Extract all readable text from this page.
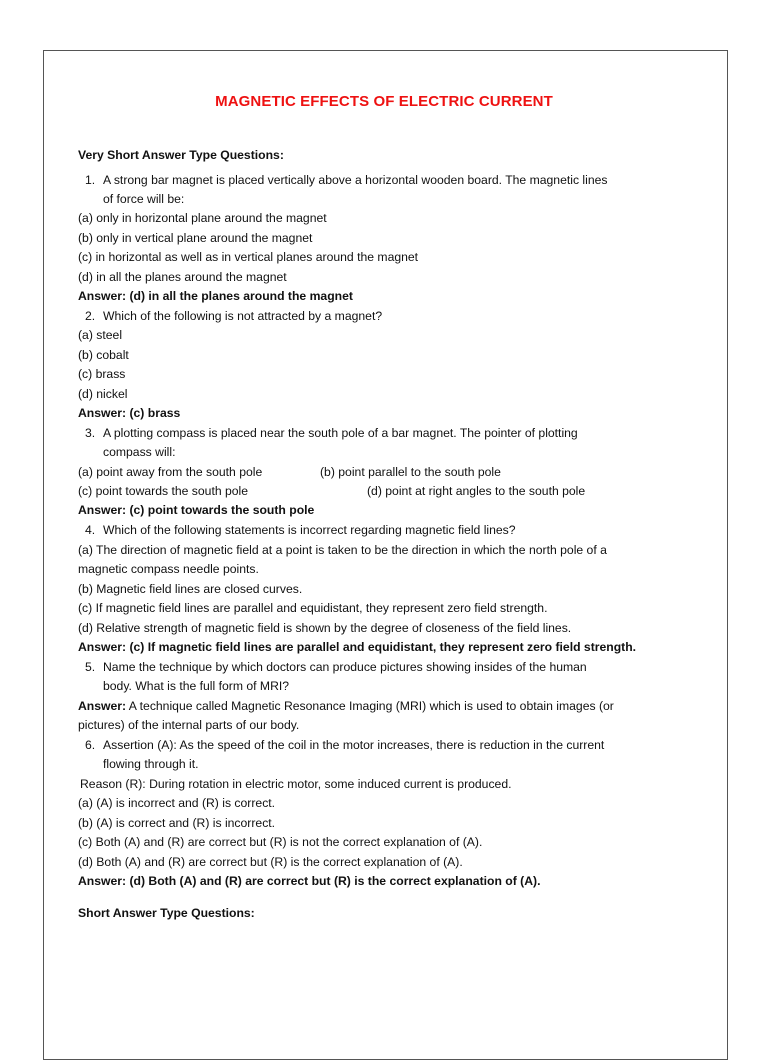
MAGNETIC EFFECTS OF ELECTRIC CURRENT
Very Short Answer Type Questions:
1. A strong bar magnet is placed vertically above a horizontal wooden board. The magnetic lines
of force will be:
(a) only in horizontal plane around the magnet
(b) only in vertical plane around the magnet
(c) in horizontal as well as in vertical planes around the magnet
(d) in all the planes around the magnet
Answer: (d) in all the planes around the magnet
2. Which of the following is not attracted by a magnet?
(a) steel
(b) cobalt
(c) brass
(d) nickel
Answer: (c) brass
3. A plotting compass is placed near the south pole of a bar magnet. The pointer of plotting
compass will:
(a) point away from the south pole	(b) point parallel to the south pole
(c) point towards the south pole	(d) point at right angles to the south pole
Answer: (c) point towards the south pole
4. Which of the following statements is incorrect regarding magnetic field lines?
(a) The direction of magnetic field at a point is taken to be the direction in which the north pole of a
magnetic compass needle points.
(b) Magnetic field lines are closed curves.
(c) If magnetic field lines are parallel and equidistant, they represent zero field strength.
(d) Relative strength of magnetic field is shown by the degree of closeness of the field lines.
Answer: (c) If magnetic field lines are parallel and equidistant, they represent zero field strength.
5. Name the technique by which doctors can produce pictures showing insides of the human
body. What is the full form of MRI?
Answer: A technique called Magnetic Resonance Imaging (MRI) which is used to obtain images (or
pictures) of the internal parts of our body.
6. Assertion (A): As the speed of the coil in the motor increases, there is reduction in the current
flowing through it.
Reason (R): During rotation in electric motor, some induced current is produced.
(a) (A) is incorrect and (R) is correct.
(b) (A) is correct and (R) is incorrect.
(c) Both (A) and (R) are correct but (R) is not the correct explanation of (A).
(d) Both (A) and (R) are correct but (R) is the correct explanation of (A).
Answer: (d) Both (A) and (R) are correct but (R) is the correct explanation of (A).
Short Answer Type Questions:
